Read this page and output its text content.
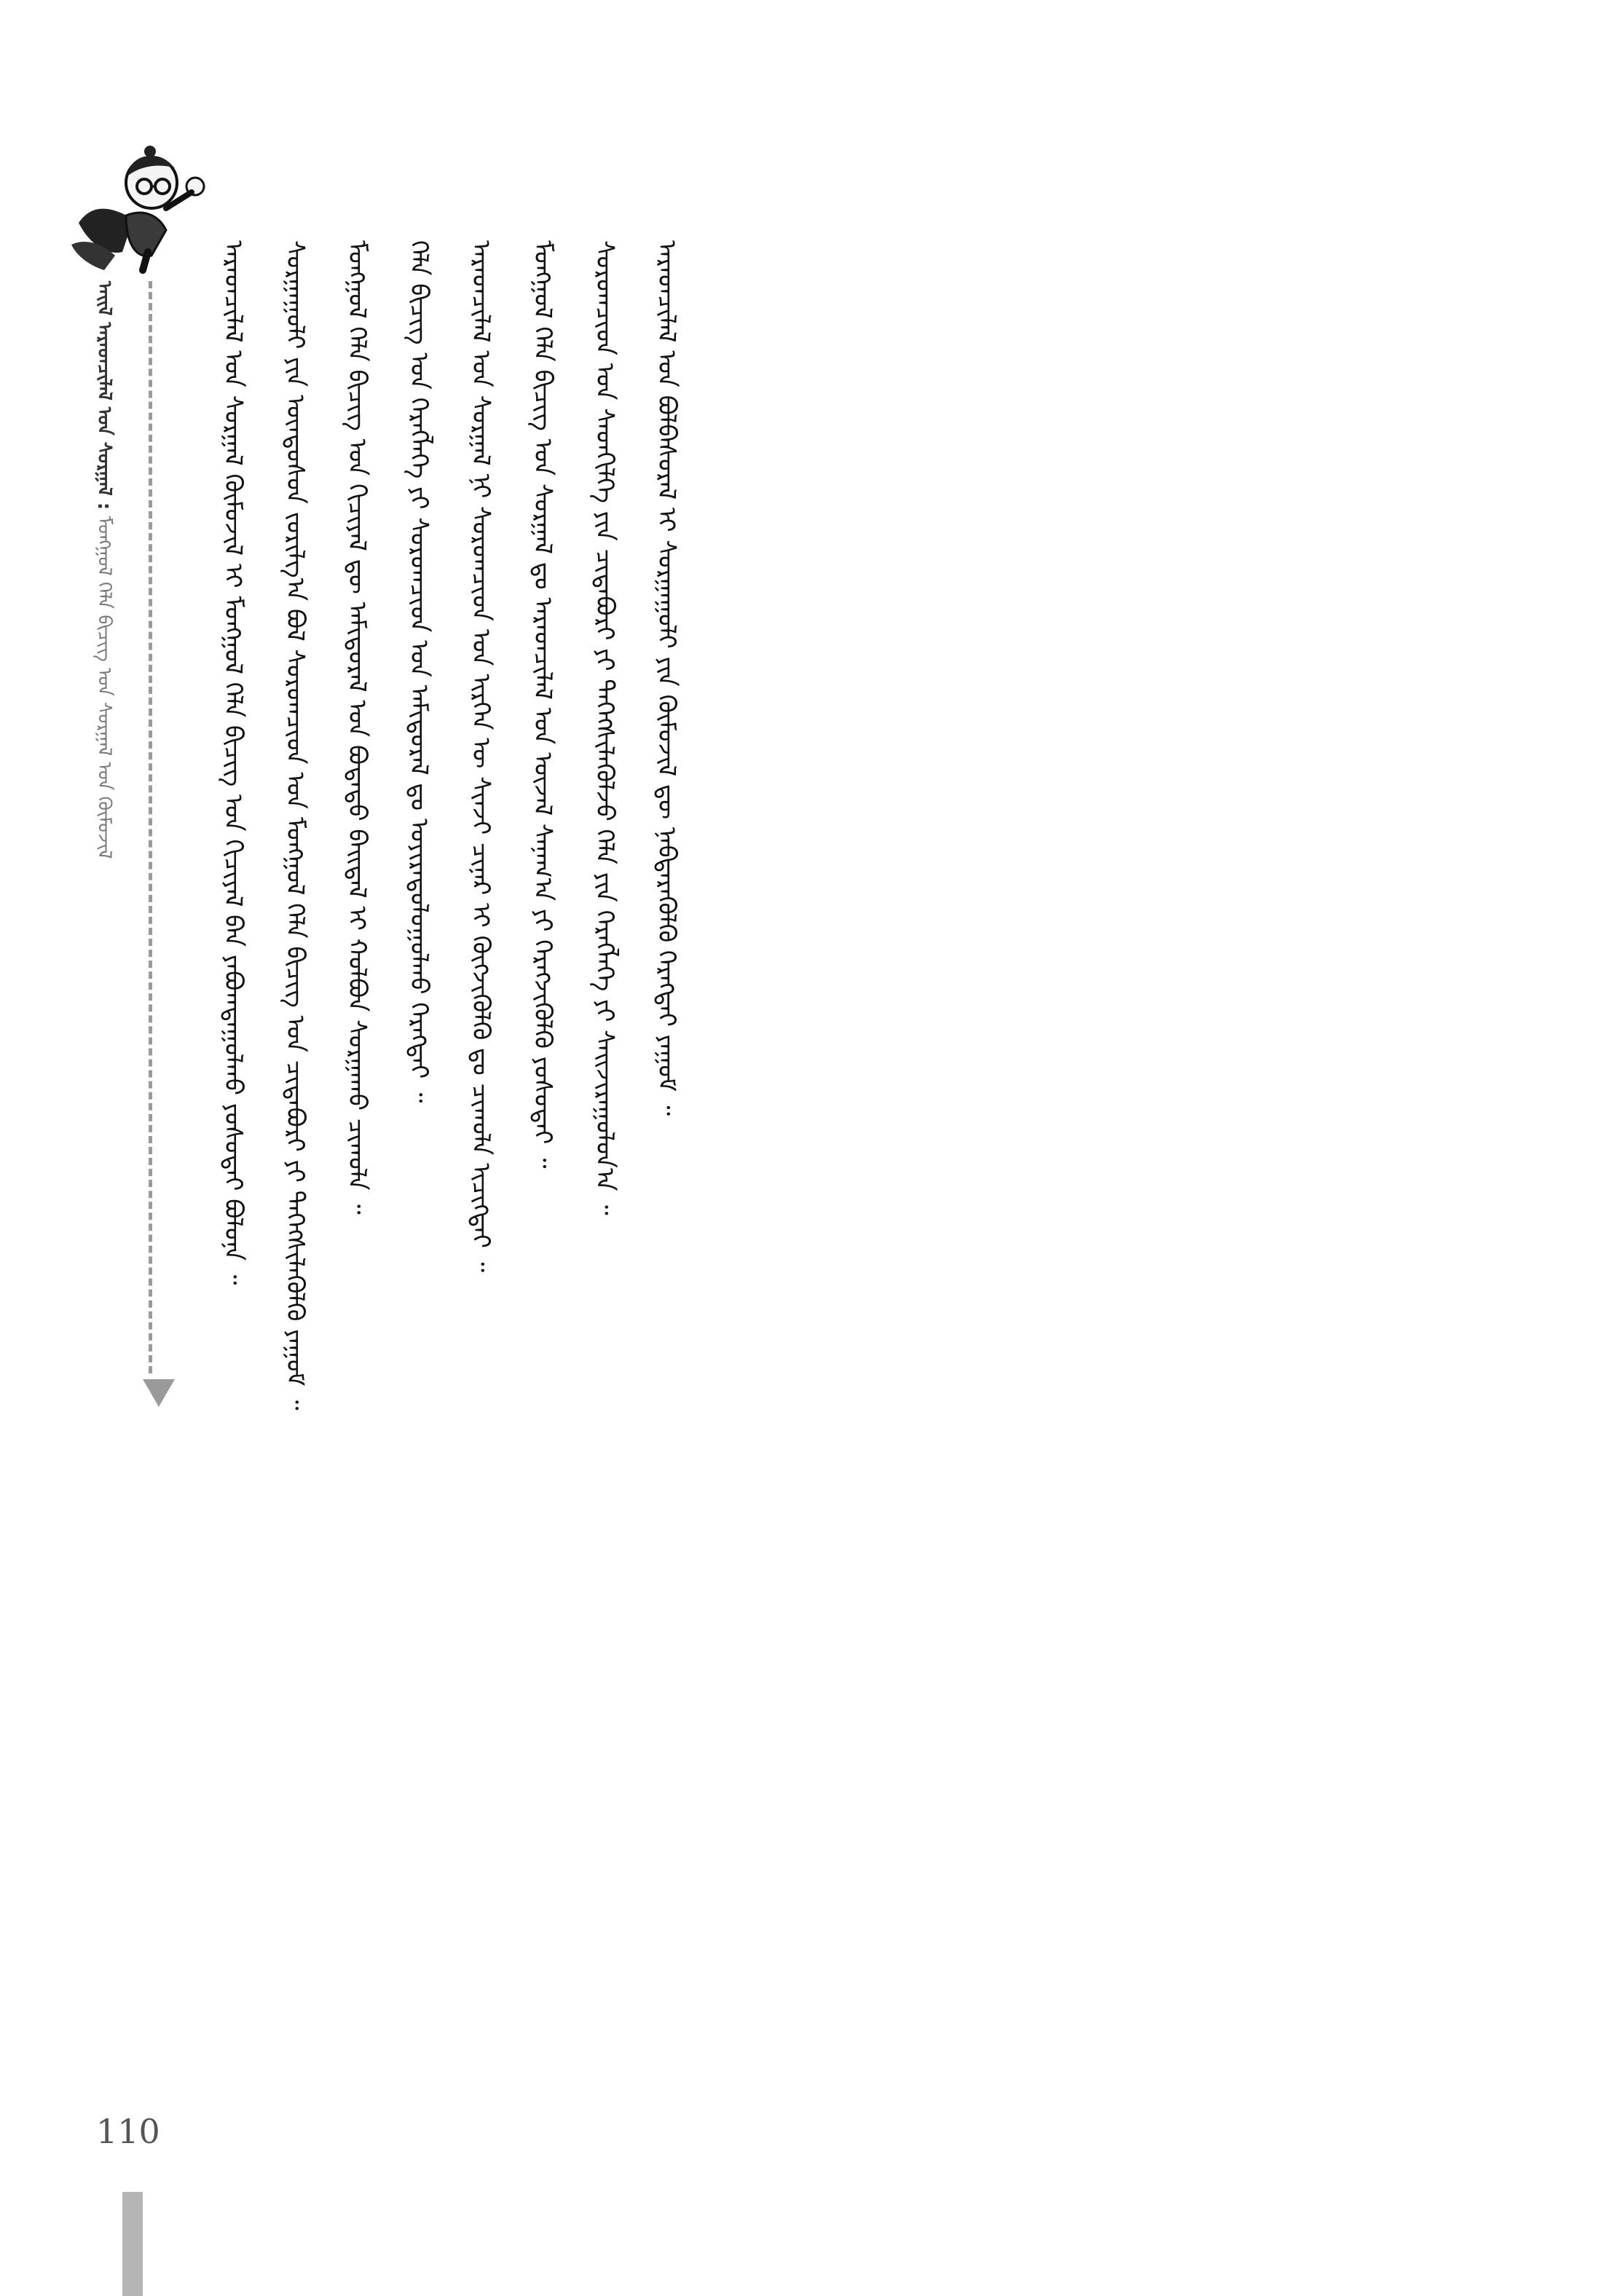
ᠠᠢᠯ ᠠᠷᠠᠳᠴᠢᠯᠠᠯ ᠤᠨ ᠰᠤᠷᠭᠠᠯ : ᠮᠣᠩᠭᠣᠯ ᠬᠡᠯᠡ ᠪᠢᠴᠢᠭ ᠤᠨ ᠰᠤᠷᠭᠠᠯ ᠤᠨ ᠬᠦᠮᠦᠵᠢᠯ	ᠠᠷᠠᠳᠴᠢᠯᠠᠯ ᠤᠨ ᠰᠤᠷᠭᠠᠯ ᠬᠦᠮᠦᠵᠢᠯ ᠢ ᠮᠣᠩᠭᠣᠯ ᠬᠡᠯᠡ ᠪᠢᠴᠢᠭ ᠤᠨ ᠬᠢᠴᠢᠶᠡᠯ ᠪᠠᠨ ᠶᠠᠪᠤᠭᠳᠠᠭᠤᠯᠬᠤ ᠶᠣᠰᠣᠲᠠᠢ ᠪᠣᠯᠤᠨᠠ ᠃ ᠰᠤᠷᠭᠠᠭᠤᠯᠢ ᠶᠢᠨ ᠦᠨᠳᠦᠰᠦᠨ ᠵᠣᠷᠢᠯᠭ᠎ᠠ ᠪᠣᠯ ᠰᠤᠷᠤᠭᠴᠢᠳ ᠤᠨ ᠮᠣᠩᠭᠣᠯ ᠬᠡᠯᠡ ᠪᠢᠴᠢᠭ ᠤᠨ ᠴᠢᠳᠠᠪᠤᠷᠢ ᠶᠢ ᠳᠡᠭᠡᠭᠰᠢᠯᠡᠭᠦᠯᠬᠦ ᠶᠠᠭᠤᠮ ᠃ ᠮᠣᠩᠭᠣᠯ ᠬᠡᠯᠡ ᠪᠢᠴᠢᠭ ᠤᠨ ᠬᠢᠴᠢᠶᠡᠯ ᠳᠦ ᠠᠮᠢᠳᠤᠷᠠᠯ ᠤᠨ ᠪᠣᠳᠠᠲᠤ ᠪᠠᠢᠳᠠᠯ ᠢ ᠬᠣᠯᠪᠣᠨ ᠰᠤᠷᠭᠠᠬᠤ ᠴᠢᠬᠤᠯᠠ ᠃ ᠬᠡᠯᠡ ᠪᠢᠴᠢᠭ ᠤᠨ ᠬᠡᠷᠡᠭᠯᠡᠭᠡ ᠶᠢ ᠰᠤᠷᠤᠭᠴᠢᠳ ᠤᠨ ᠠᠮᠢᠳᠤᠷᠠᠯ ᠳᠤ ᠣᠶᠢᠷᠠᠲᠤᠯᠤᠭᠤᠯᠬᠤ ᠬᠡᠷᠡᠭᠲᠡᠢ ᠃ ᠠᠷᠠᠳᠴᠢᠯᠠᠯ ᠤᠨ ᠰᠤᠷᠭᠠᠯ ᠨᠢ ᠰᠤᠷᠤᠭᠴᠢᠳ ᠤᠨ ᠢᠷᠭᠡᠨ ᠦ ᠰᠢᠨᠵᠢ ᠴᠢᠨᠠᠷ ᠢ ᠬᠥᠭᠵᠢᠭᠦᠯᠬᠦ ᠳᠤ ᠴᠢᠬᠤᠯᠠ ᠢᠴᠢᠭ᠌ᠲᠡᠢ ᠃ ᠮᠣᠩᠭᠣᠯ ᠬᠡᠯᠡ ᠪᠢᠴᠢᠭ ᠤᠨ ᠰᠤᠷᠭᠠᠯ ᠳᠤ ᠠᠷᠠᠳᠴᠢᠯᠠᠯ ᠤᠨ ᠦᠵᠡᠯ ᠰᠠᠨᠠᠭ᠎ᠠ ᠶᠢ ᠬᠡᠷᠡᠭᠵᠢᠭᠦᠯᠬᠦ ᠶᠣᠰᠣᠲᠠᠢ ᠃ ᠰᠤᠷᠤᠭᠴᠢᠳ ᠤᠨ ᠰᠡᠳᠬᠢᠯᠭᠡ ᠶᠢᠨ ᠴᠢᠳᠠᠪᠤᠷᠢ ᠶᠢ ᠳᠡᠭᠡᠭᠰᠢᠯᠡᠭᠦᠯᠵᠦ ᠬᠡᠯᠡ ᠶᠢᠨ ᠬᠡᠷᠡᠭᠯᠡᠭᠡ ᠶᠢ ᠰᠠᠢᠵᠢᠷᠠᠭᠤᠯᠤᠨ᠎ᠠ ᠃ ᠠᠷᠠᠳᠴᠢᠯᠠᠯ ᠤᠨ ᠪᠣᠯᠪᠠᠰᠤᠷᠠᠯ ᠢ ᠰᠤᠷᠭᠠᠭᠤᠯᠢ ᠶᠢᠨ ᠬᠦᠮᠦᠵᠢᠯ ᠳᠦ ᠨᠡᠪᠳᠡᠷᠡᠭᠦᠯᠬᠦ ᠬᠡᠷᠡᠭᠲᠡᠢ ᠶᠠᠭᠤᠮ ᠃
110
